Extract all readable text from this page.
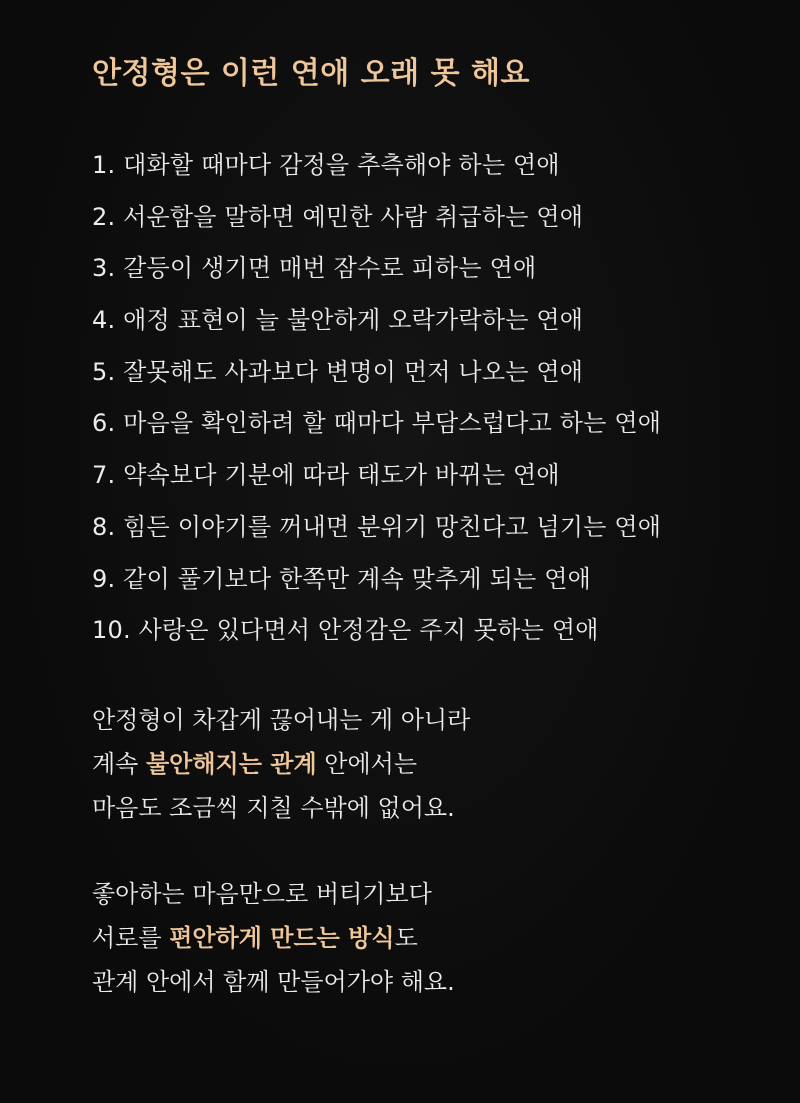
안정형은 이런 연애 오래 못 해요
1. 대화할 때마다 감정을 추측해야 하는 연애
2. 서운함을 말하면 예민한 사람 취급하는 연애
3. 갈등이 생기면 매번 잠수로 피하는 연애
4. 애정 표현이 늘 불안하게 오락가락하는 연애
5. 잘못해도 사과보다 변명이 먼저 나오는 연애
6. 마음을 확인하려 할 때마다 부담스럽다고 하는 연애
7. 약속보다 기분에 따라 태도가 바뀌는 연애
8. 힘든 이야기를 꺼내면 분위기 망친다고 넘기는 연애
9. 같이 풀기보다 한쪽만 계속 맞추게 되는 연애
10. 사랑은 있다면서 안정감은 주지 못하는 연애

안정형이 차갑게 끊어내는 게 아니라
계속 불안해지는 관계 안에서는
마음도 조금씩 지칠 수밖에 없어요.

좋아하는 마음만으로 버티기보다
서로를 편안하게 만드는 방식도
관계 안에서 함께 만들어가야 해요.
